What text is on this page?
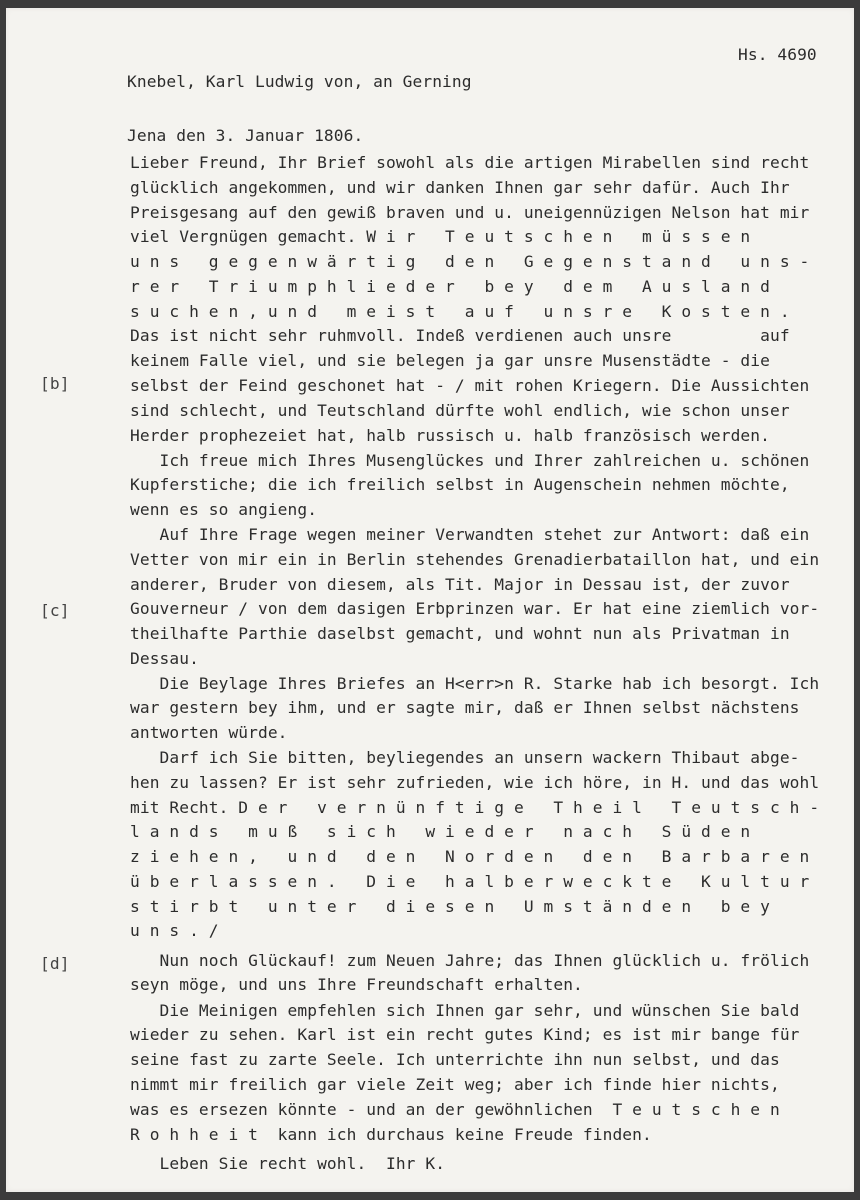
Hs. 4690
Knebel, Karl Ludwig von, an Gerning
Jena den 3. Januar 1806.
[b]
[c]
[d]
Lieber Freund, Ihr Brief sowohl als die artigen Mirabellen sind recht
glücklich angekommen, und wir danken Ihnen gar sehr dafür. Auch Ihr
Preisgesang auf den gewiß braven und u. uneigennüzigen Nelson hat mir
viel Vergnügen gemacht. W i r   T e u t s c h e n   m ü s s e n
u n s   g e g e n w ä r t i g   d e n   G e g e n s t a n d   u n s -
r e r   T r i u m p h l i e d e r   b e y   d e m   A u s l a n d
s u c h e n , u n d   m e i s t   a u f   u n s r e   K o s t e n .
Das ist nicht sehr ruhmvoll. Indeß verdienen auch unsre         auf
keinem Falle viel, und sie belegen ja gar unsre Musenstädte - die
selbst der Feind geschonet hat - / mit rohen Kriegern. Die Aussichten
sind schlecht, und Teutschland dürfte wohl endlich, wie schon unser
Herder prophezeiet hat, halb russisch u. halb französisch werden.
Ich freue mich Ihres Musenglückes und Ihrer zahlreichen u. schönen
Kupferstiche; die ich freilich selbst in Augenschein nehmen möchte,
wenn es so angieng.
Auf Ihre Frage wegen meiner Verwandten stehet zur Antwort: daß ein
Vetter von mir ein in Berlin stehendes Grenadierbataillon hat, und ein
anderer, Bruder von diesem, als Tit. Major in Dessau ist, der zuvor
Gouverneur / von dem dasigen Erbprinzen war. Er hat eine ziemlich vor-
theilhafte Parthie daselbst gemacht, und wohnt nun als Privatman in
Dessau.
Die Beylage Ihres Briefes an H<err>n R. Starke hab ich besorgt. Ich
war gestern bey ihm, und er sagte mir, daß er Ihnen selbst nächstens
antworten würde.
Darf ich Sie bitten, beyliegendes an unsern wackern Thibaut abge-
hen zu lassen? Er ist sehr zufrieden, wie ich höre, in H. und das wohl
mit Recht. D e r   v e r n ü n f t i g e   T h e i l   T e u t s c h -
l a n d s   m u ß   s i c h   w i e d e r   n a c h   S ü d e n
z i e h e n ,   u n d   d e n   N o r d e n   d e n   B a r b a r e n
ü b e r l a s s e n .   D i e   h a l b e r w e c k t e   K u l t u r
s t i r b t   u n t e r   d i e s e n   U m s t ä n d e n   b e y
u n s . /
Nun noch Glückauf! zum Neuen Jahre; das Ihnen glücklich u. frölich
seyn möge, und uns Ihre Freundschaft erhalten.
Die Meinigen empfehlen sich Ihnen gar sehr, und wünschen Sie bald
wieder zu sehen. Karl ist ein recht gutes Kind; es ist mir bange für
seine fast zu zarte Seele. Ich unterrichte ihn nun selbst, und das
nimmt mir freilich gar viele Zeit weg; aber ich finde hier nichts,
was es ersezen könnte - und an der gewöhnlichen  T e u t s c h e n
R o h h e i t  kann ich durchaus keine Freude finden.
Leben Sie recht wohl.  Ihr K.
